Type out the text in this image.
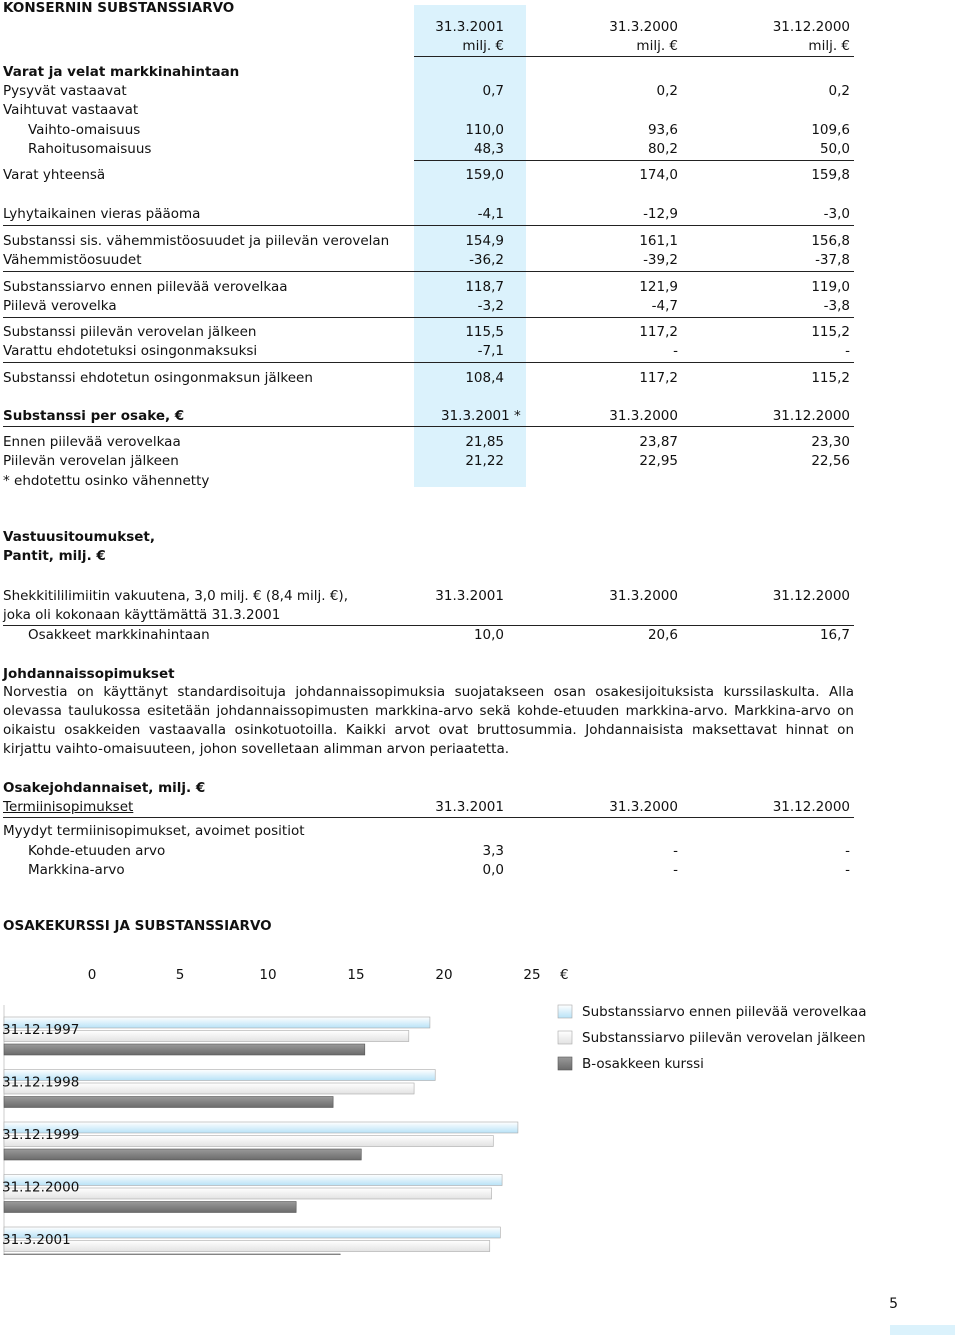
KONSERNIN SUBSTANSSIARVO
31.3.2001	31.3.2000	31.12.2000
milj. €	milj. €	milj. €
Varat ja velat markkinahintaan
Pysyvät vastaavat	0,7	0,2	0,2
Vaihtuvat vastaavat
Vaihto-omaisuus	110,0	93,6	109,6
Rahoitusomaisuus	48,3	80,2	50,0
Varat yhteensä	159,0	174,0	159,8
Lyhytaikainen vieras pääoma	-4,1	-12,9	-3,0
Substanssi sis. vähemmistöosuudet ja piilevän verovelan	154,9	161,1	156,8
Vähemmistöosuudet	-36,2	-39,2	-37,8
Substanssiarvo ennen piilevää verovelkaa	118,7	121,9	119,0
Piilevä verovelka	-3,2	-4,7	-3,8
Substanssi piilevän verovelan jälkeen	115,5	117,2	115,2
Varattu ehdotetuksi osingonmaksuksi	-7,1	-	-
Substanssi ehdotetun osingonmaksun jälkeen	108,4	117,2	115,2
Substanssi per osake, €	31.3.2001 *	31.3.2000	31.12.2000
Ennen piilevää verovelkaa	21,85	23,87	23,30
Piilevän verovelan jälkeen	21,22	22,95	22,56
* ehdotettu osinko vähennetty
Vastuusitoumukset,
Pantit, milj. €
Shekkitililimiitin vakuutena, 3,0 milj. € (8,4 milj. €),	31.3.2001	31.3.2000	31.12.2000
joka oli kokonaan käyttämättä 31.3.2001
Osakkeet markkinahintaan	10,0	20,6	16,7
Johdannaissopimukset
Norvestia on käyttänyt standardisoituja johdannaissopimuksia suojatakseen osan osakesijoituksista kurssilaskulta. Alla olevassa taulukossa esitetään johdannaissopimusten markkina-arvo sekä kohde-etuuden markkina-arvo. Markkina-arvo on oikaistu osakkeiden vastaavalla osinkotuotoilla. Kaikki arvot ovat bruttosummia. Johdannaisista maksettavat hinnat on kirjattu vaihto-omaisuuteen, johon sovelletaan alimman arvon periaatetta.
Osakejohdannaiset, milj. €
Termiinisopimukset	31.3.2001	31.3.2000	31.12.2000
Myydyt termiinisopimukset, avoimet positiot
Kohde-etuuden arvo	3,3	-	-
Markkina-arvo	0,0	-	-
OSAKEKURSSI JA SUBSTANSSIARVO
0	5	10	15	20	25 €
31.12.1997
31.12.1998
31.12.1999
31.12.2000
31.3.2001
Substanssiarvo ennen piilevää verovelkaa
Substanssiarvo piilevän verovelan jälkeen
B-osakkeen kurssi
5
